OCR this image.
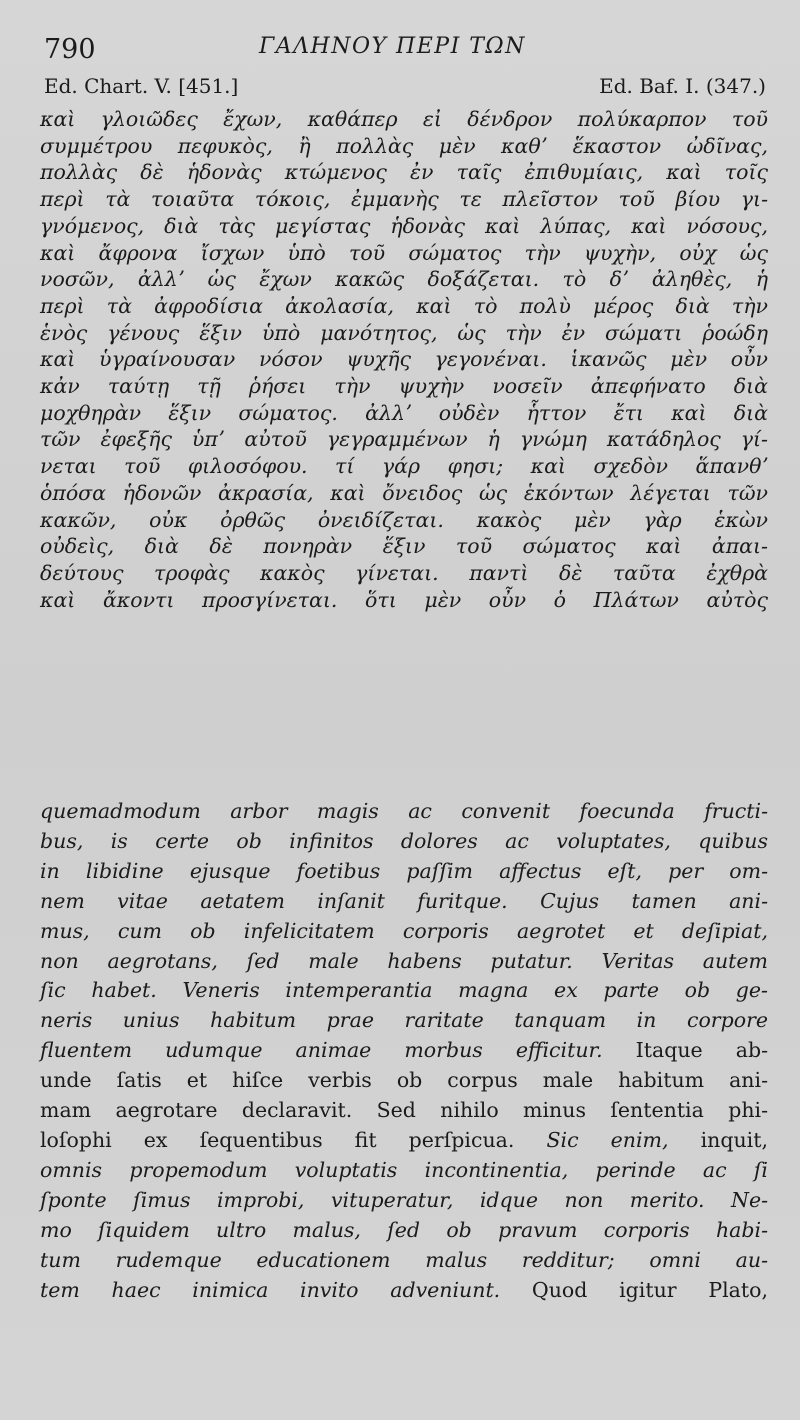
790	ΓΑΛΗΝΟΥ ΠΕΡΙ ΤΩΝ
Ed. Chart. V. [451.]	Ed. Baf. I. (347.)
καὶ γλοιῶδες ἔχων, καθάπερ εἰ δένδρον πολύκαρπον τοῦ
συμμέτρου πεφυκὸς, ἢ πολλὰς μὲν καθʼ ἕκαστον ὠδῖνας,
πολλὰς δὲ ἡδονὰς κτώμενος ἐν ταῖς ἐπιθυμίαις, καὶ τοῖς
περὶ τὰ τοιαῦτα τόκοις, ἐμμανὴς τε πλεῖστον τοῦ βίου γι-
γνόμενος, διὰ τὰς μεγίστας ἡδονὰς καὶ λύπας, καὶ νόσους,
καὶ ἄφρονα ἴσχων ὑπὸ τοῦ σώματος τὴν ψυχὴν, οὐχ ὡς
νοσῶν, ἀλλʼ ὡς ἔχων κακῶς δοξάζεται. τὸ δʼ ἀληθὲς, ἡ
περὶ τὰ ἀφροδίσια ἀκολασία, καὶ τὸ πολὺ μέρος διὰ τὴν
ἑνὸς γένους ἕξιν ὑπὸ μανότητος, ὡς τὴν ἐν σώματι ῥοώδη
καὶ ὑγραίνουσαν νόσον ψυχῆς γεγονέναι. ἱκανῶς μὲν οὖν
κἀν ταύτῃ τῇ ῥήσει τὴν ψυχὴν νοσεῖν ἀπεφήνατο διὰ
μοχθηρὰν ἕξιν σώματος. ἀλλʼ οὐδὲν ἧττον ἔτι καὶ διὰ
τῶν ἐφεξῆς ὑπʼ αὐτοῦ γεγραμμένων ἡ γνώμη κατάδηλος γί-
νεται τοῦ φιλοσόφου. τί γάρ φησι; καὶ σχεδὸν ἅπανθʼ
ὁπόσα ἡδονῶν ἀκρασία, καὶ ὄνειδος ὡς ἑκόντων λέγεται τῶν
κακῶν, οὐκ ὀρθῶς ὀνειδίζεται. κακὸς μὲν γὰρ ἑκὼν
οὐδεὶς, διὰ δὲ πονηρὰν ἕξιν τοῦ σώματος καὶ ἀπαι-
δεύτους τροφὰς κακὸς γίνεται. παντὶ δὲ ταῦτα ἐχθρὰ
καὶ ἄκοντι προσγίνεται. ὅτι μὲν οὖν ὁ Πλάτων αὐτὸς
quemadmodum arbor magis ac convenit foecunda fructi-
bus, is certe ob infinitos dolores ac voluptates, quibus
in libidine ejusque foetibus paſſim affectus eſt, per om-
nem vitae aetatem inſanit furitque. Cujus tamen ani-
mus, cum ob infelicitatem corporis aegrotet et deſipiat,
non aegrotans, ſed male habens putatur. Veritas autem
ſic habet. Veneris intemperantia magna ex parte ob ge-
neris unius habitum prae raritate tanquam in corpore
fluentem udumque animae morbus efficitur. Itaque ab-
unde ſatis et hiſce verbis ob corpus male habitum ani-
mam aegrotare declaravit. Sed nihilo minus ſententia phi-
loſophi ex ſequentibus fit perſpicua. Sic enim, inquit,
omnis propemodum voluptatis incontinentia, perinde ac ſi
ſponte ſimus improbi, vituperatur, idque non merito. Ne-
mo ſiquidem ultro malus, ſed ob pravum corporis habi-
tum rudemque educationem malus redditur; omni au-
tem haec inimica invito adveniunt. Quod igitur Plato,
